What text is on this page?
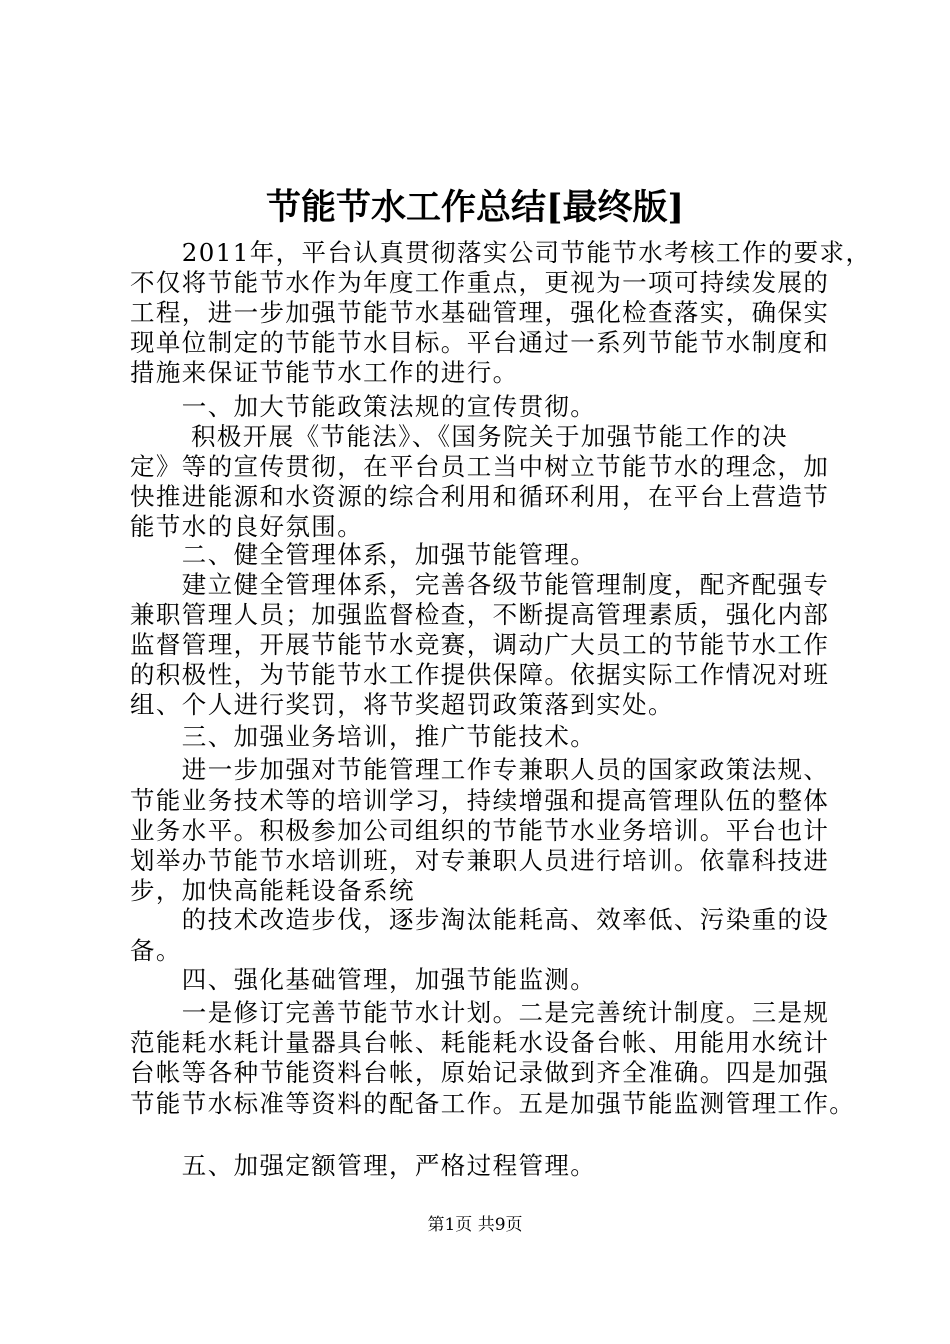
节能节水工作总结[最终版]
　　2011年，平台认真贯彻落实公司节能节水考核工作的要求，
不仅将节能节水作为年度工作重点，更视为一项可持续发展的
工程，进一步加强节能节水基础管理，强化检查落实，确保实
现单位制定的节能节水目标。平台通过一系列节能节水制度和
措施来保证节能节水工作的进行。
　　一、加大节能政策法规的宣传贯彻。
　　 积极开展《节能法》、《国务院关于加强节能工作的决
定》等的宣传贯彻，在平台员工当中树立节能节水的理念，加
快推进能源和水资源的综合利用和循环利用，在平台上营造节
能节水的良好氛围。
　　二、健全管理体系，加强节能管理。
　　建立健全管理体系，完善各级节能管理制度，配齐配强专
兼职管理人员；加强监督检查，不断提高管理素质，强化内部
监督管理，开展节能节水竞赛，调动广大员工的节能节水工作
的积极性，为节能节水工作提供保障。依据实际工作情况对班
组、个人进行奖罚，将节奖超罚政策落到实处。
　　三、加强业务培训，推广节能技术。
　　进一步加强对节能管理工作专兼职人员的国家政策法规、
节能业务技术等的培训学习，持续增强和提高管理队伍的整体
业务水平。积极参加公司组织的节能节水业务培训。平台也计
划举办节能节水培训班，对专兼职人员进行培训。依靠科技进
步，加快高能耗设备系统
　　的技术改造步伐，逐步淘汰能耗高、效率低、污染重的设
备。
　　四、强化基础管理，加强节能监测。
　　一是修订完善节能节水计划。二是完善统计制度。三是规
范能耗水耗计量器具台帐、耗能耗水设备台帐、用能用水统计
台帐等各种节能资料台帐，原始记录做到齐全准确。四是加强
节能节水标准等资料的配备工作。五是加强节能监测管理工作。
　　五、加强定额管理，严格过程管理。
第1页 共9页
